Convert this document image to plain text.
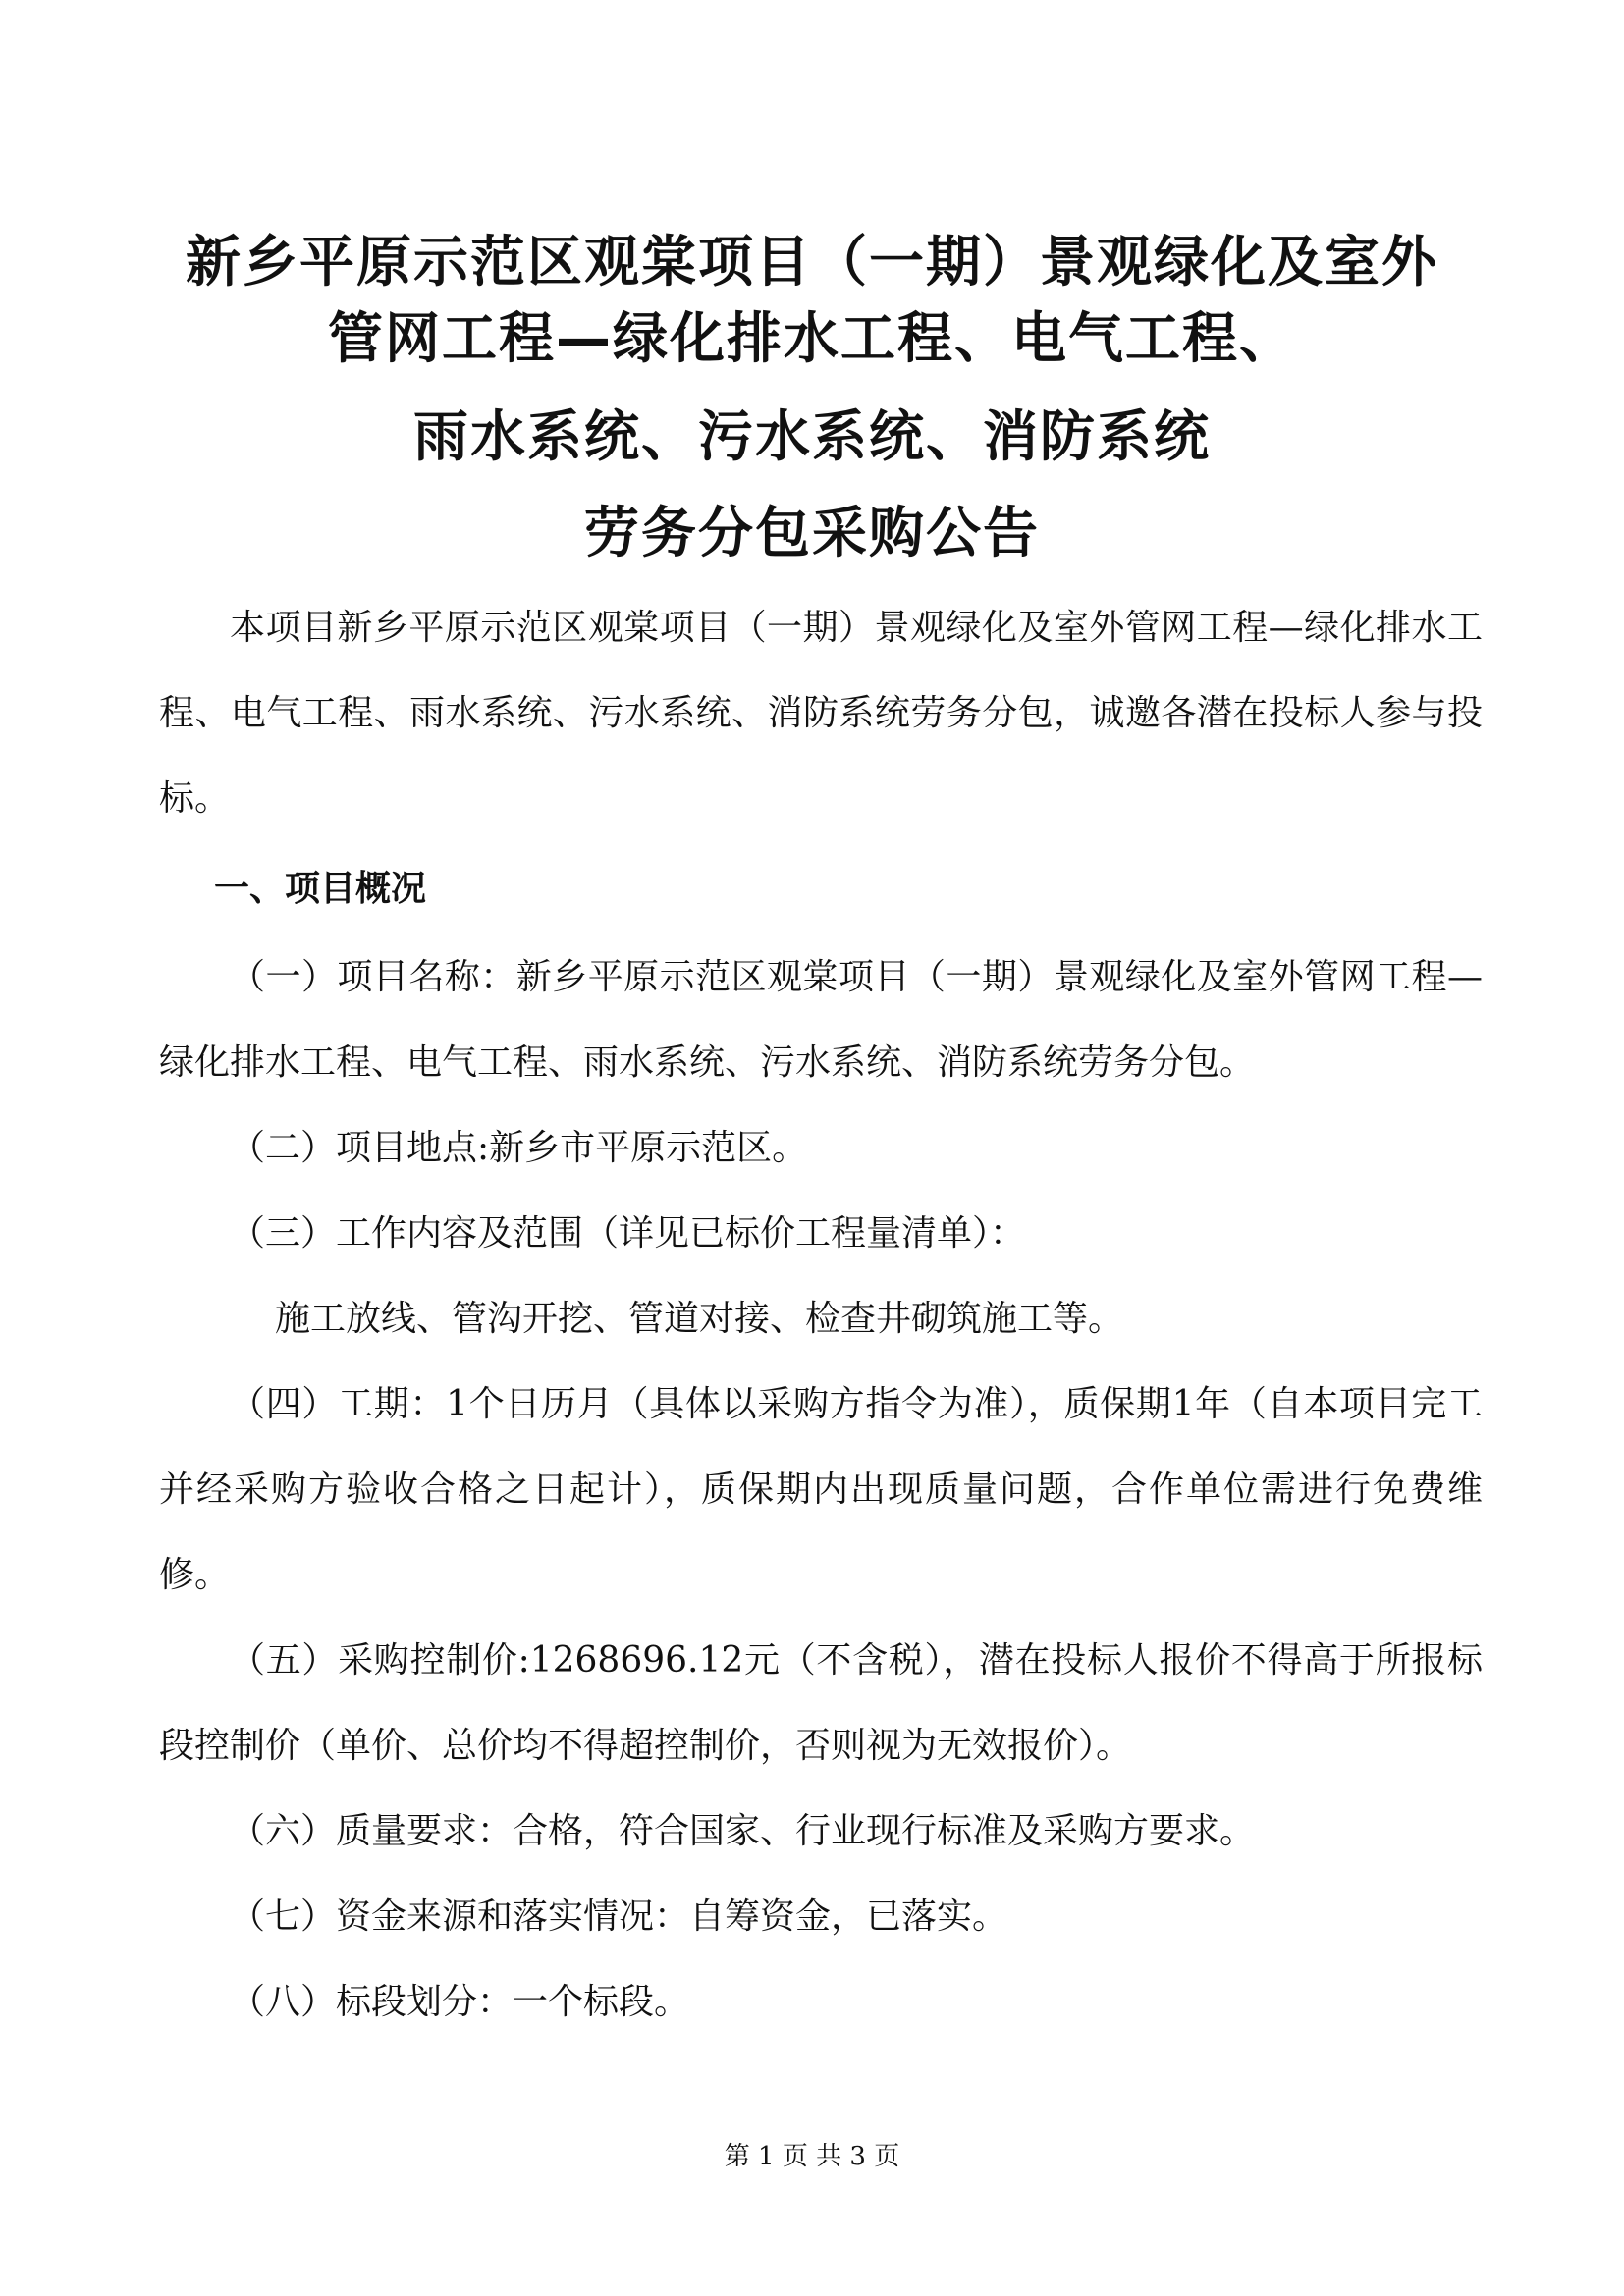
新乡平原示范区观棠项目（一期）景观绿化及室外
管网工程—绿化排水工程、电气工程、
雨水系统、污水系统、消防系统
劳务分包采购公告

本项目新乡平原示范区观棠项目（一期）景观绿化及室外管网工程—绿化排水工程、电气工程、雨水系统、污水系统、消防系统劳务分包，诚邀各潜在投标人参与投标。

一、项目概况

（一）项目名称：新乡平原示范区观棠项目（一期）景观绿化及室外管网工程—绿化排水工程、电气工程、雨水系统、污水系统、消防系统劳务分包。

（二）项目地点:新乡市平原示范区。

（三）工作内容及范围（详见已标价工程量清单）：

施工放线、管沟开挖、管道对接、检查井砌筑施工等。

（四）工期：1个日历月（具体以采购方指令为准），质保期1年（自本项目完工并经采购方验收合格之日起计），质保期内出现质量问题，合作单位需进行免费维修。

（五）采购控制价:1268696.12元（不含税），潜在投标人报价不得高于所报标段控制价（单价、总价均不得超控制价，否则视为无效报价）。

（六）质量要求：合格，符合国家、行业现行标准及采购方要求。

（七）资金来源和落实情况：自筹资金，已落实。

（八）标段划分：一个标段。

第 1 页 共 3 页
